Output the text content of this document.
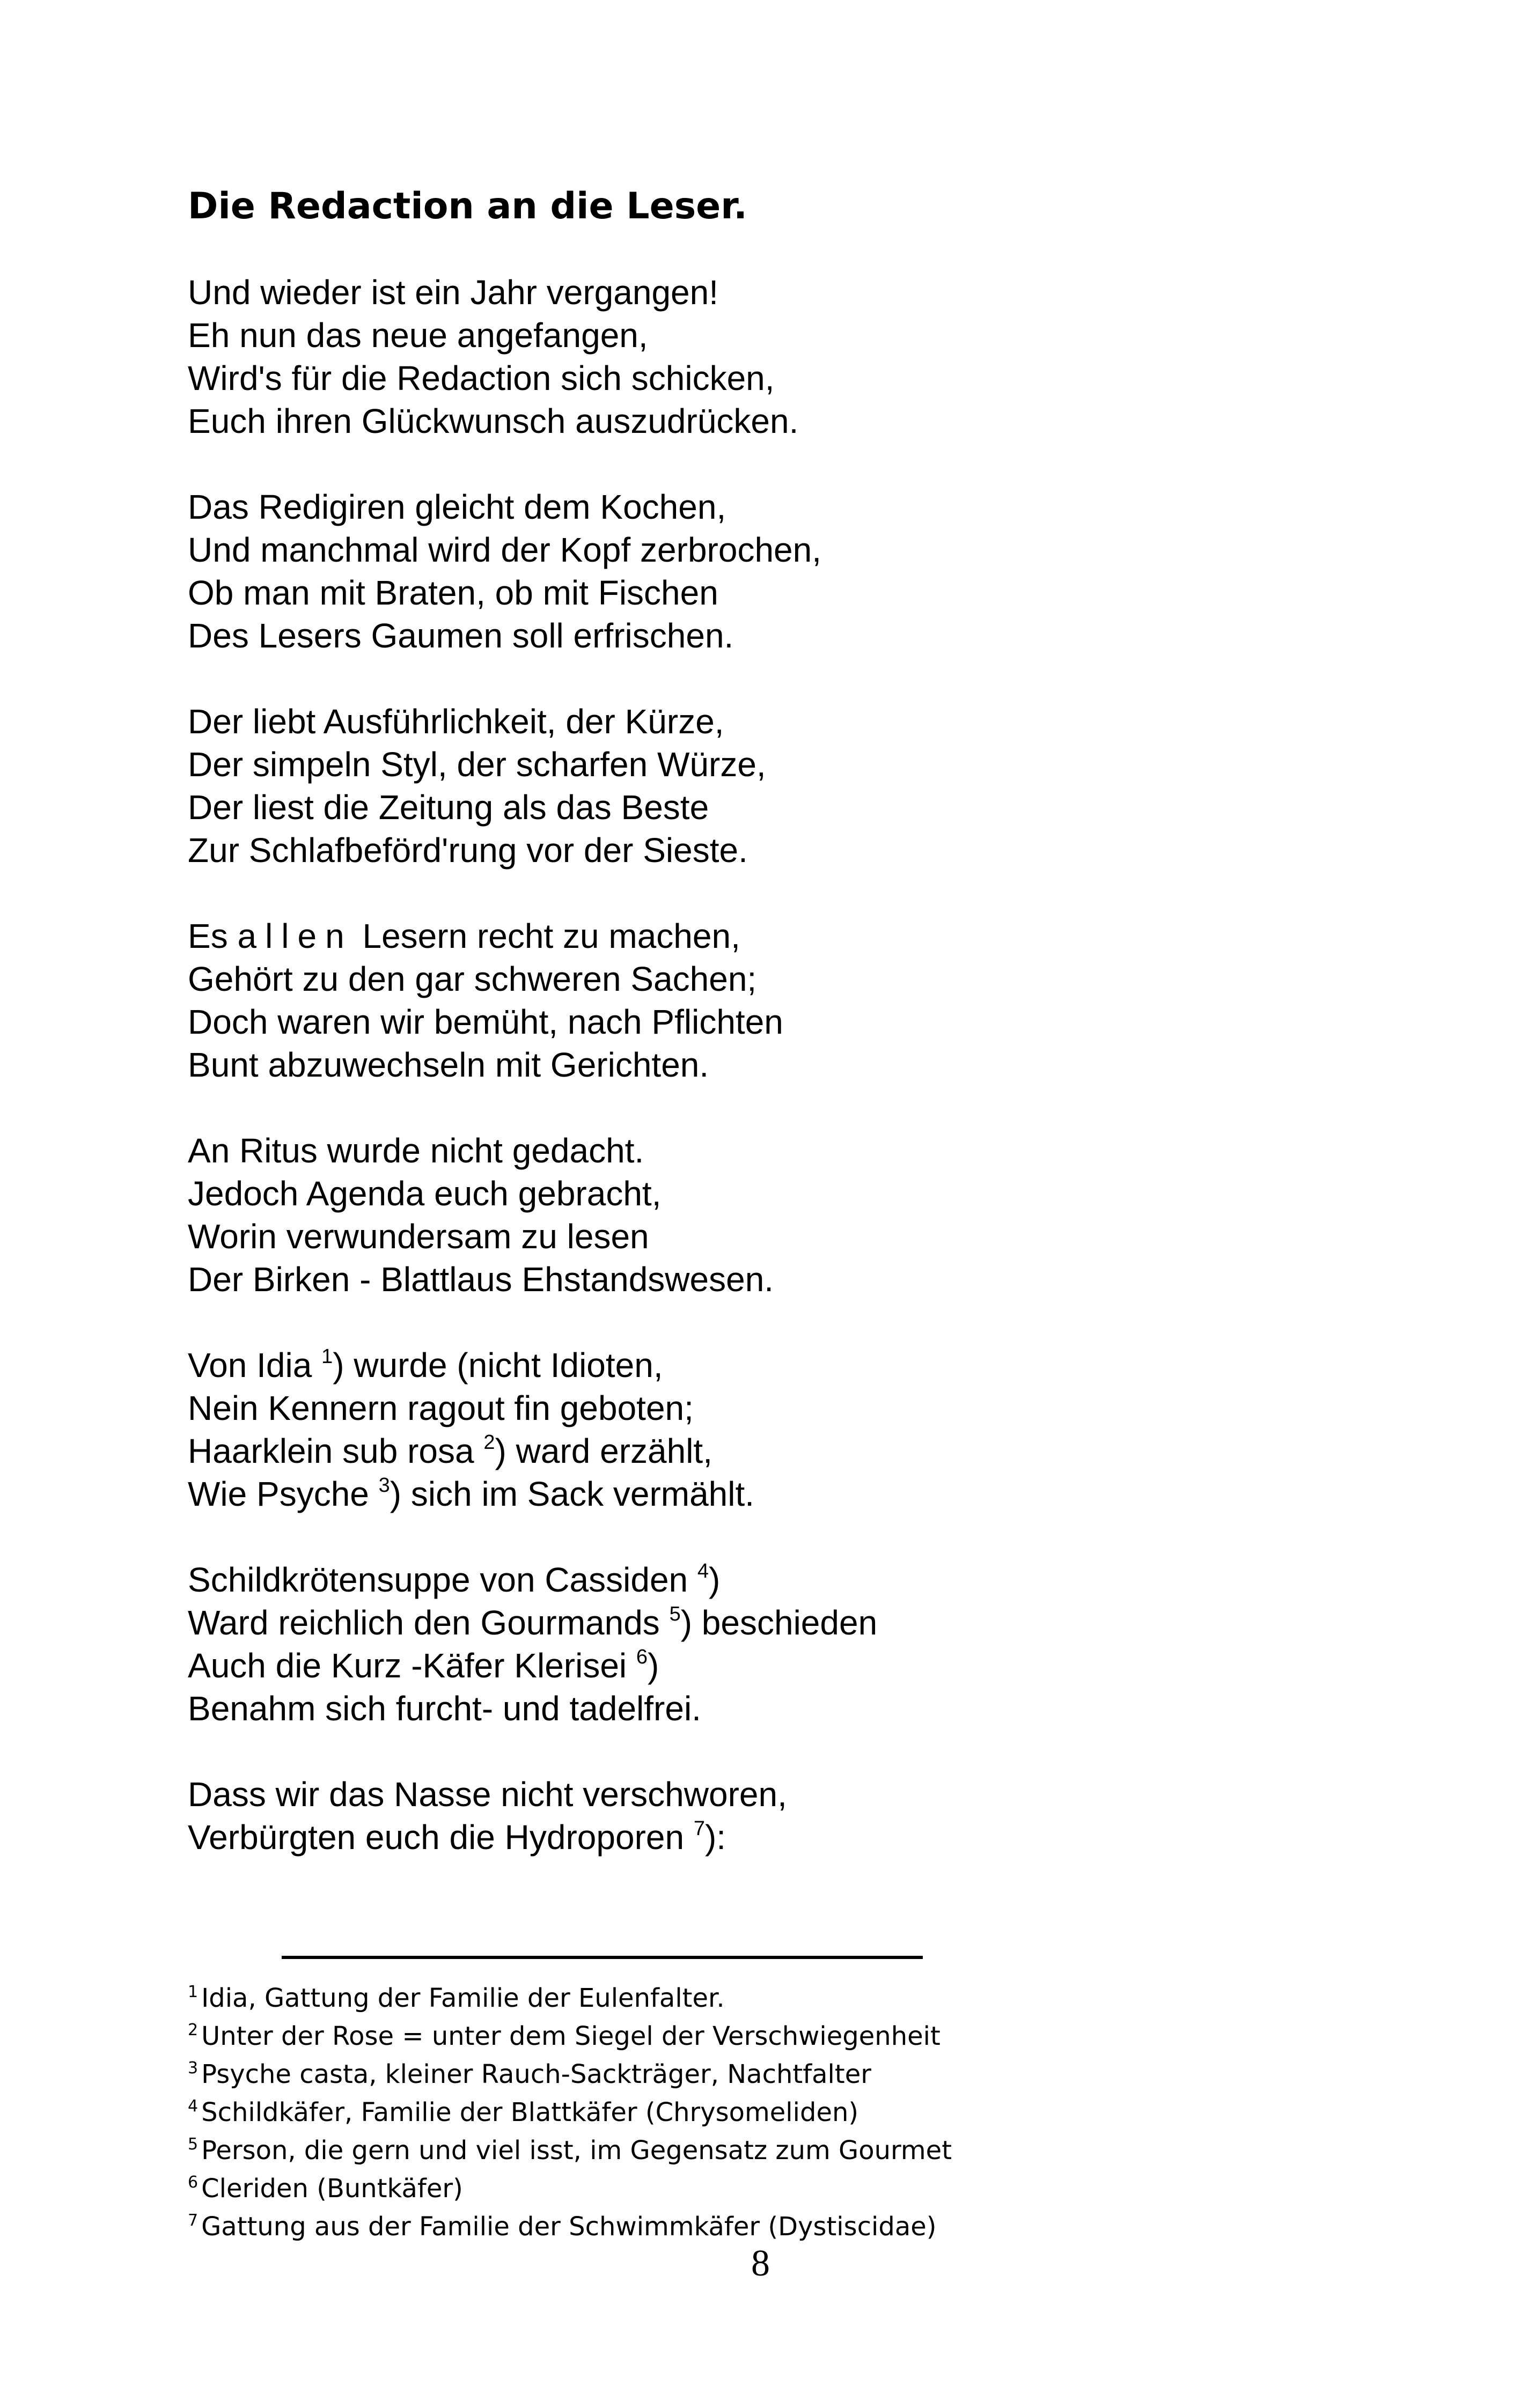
Die Redaction an die Leser.
Und wieder ist ein Jahr vergangen!
Eh nun das neue angefangen,
Wird's für die Redaction sich schicken,
Euch ihren Glückwunsch auszudrücken.
Das Redigiren gleicht dem Kochen,
Und manchmal wird der Kopf zerbrochen,
Ob man mit Braten, ob mit Fischen
Des Lesers Gaumen soll erfrischen.
Der liebt Ausführlichkeit, der Kürze,
Der simpeln Styl, der scharfen Würze,
Der liest die Zeitung als das Beste
Zur Schlafbeförd'rung vor der Sieste.
Es allen Lesern recht zu machen,
Gehört zu den gar schweren Sachen;
Doch waren wir bemüht, nach Pflichten
Bunt abzuwechseln mit Gerichten.
An Ritus wurde nicht gedacht.
Jedoch Agenda euch gebracht,
Worin verwundersam zu lesen
Der Birken - Blattlaus Ehstandswesen.
Von Idia $^1$) wurde (nicht Idioten,
Nein Kennern ragout fin geboten;
Haarklein sub rosa $^2$) ward erzählt,
Wie Psyche $^3$) sich im Sack vermählt.
Schildkrötensuppe von Cassiden $^4$)
Ward reichlich den Gourmands $^5$) beschieden
Auch die Kurz -Käfer Klerisei $^6$)
Benahm sich furcht- und tadelfrei.
Dass wir das Nasse nicht verschworen,
Verbürgten euch die Hydroporen $^7$):
$^1$ Idia, Gattung der Familie der Eulenfalter.
$^2$ Unter der Rose = unter dem Siegel der Verschwiegenheit
$^3$ Psyche casta, kleiner Rauch-Sackträger, Nachtfalter
$^4$ Schildkäfer, Familie der Blattkäfer (Chrysomeliden)
$^5$ Person, die gern und viel isst, im Gegensatz zum Gourmet
$^6$ Cleriden (Buntkäfer)
$^7$ Gattung aus der Familie der Schwimmkäfer (Dystiscidae)
8
